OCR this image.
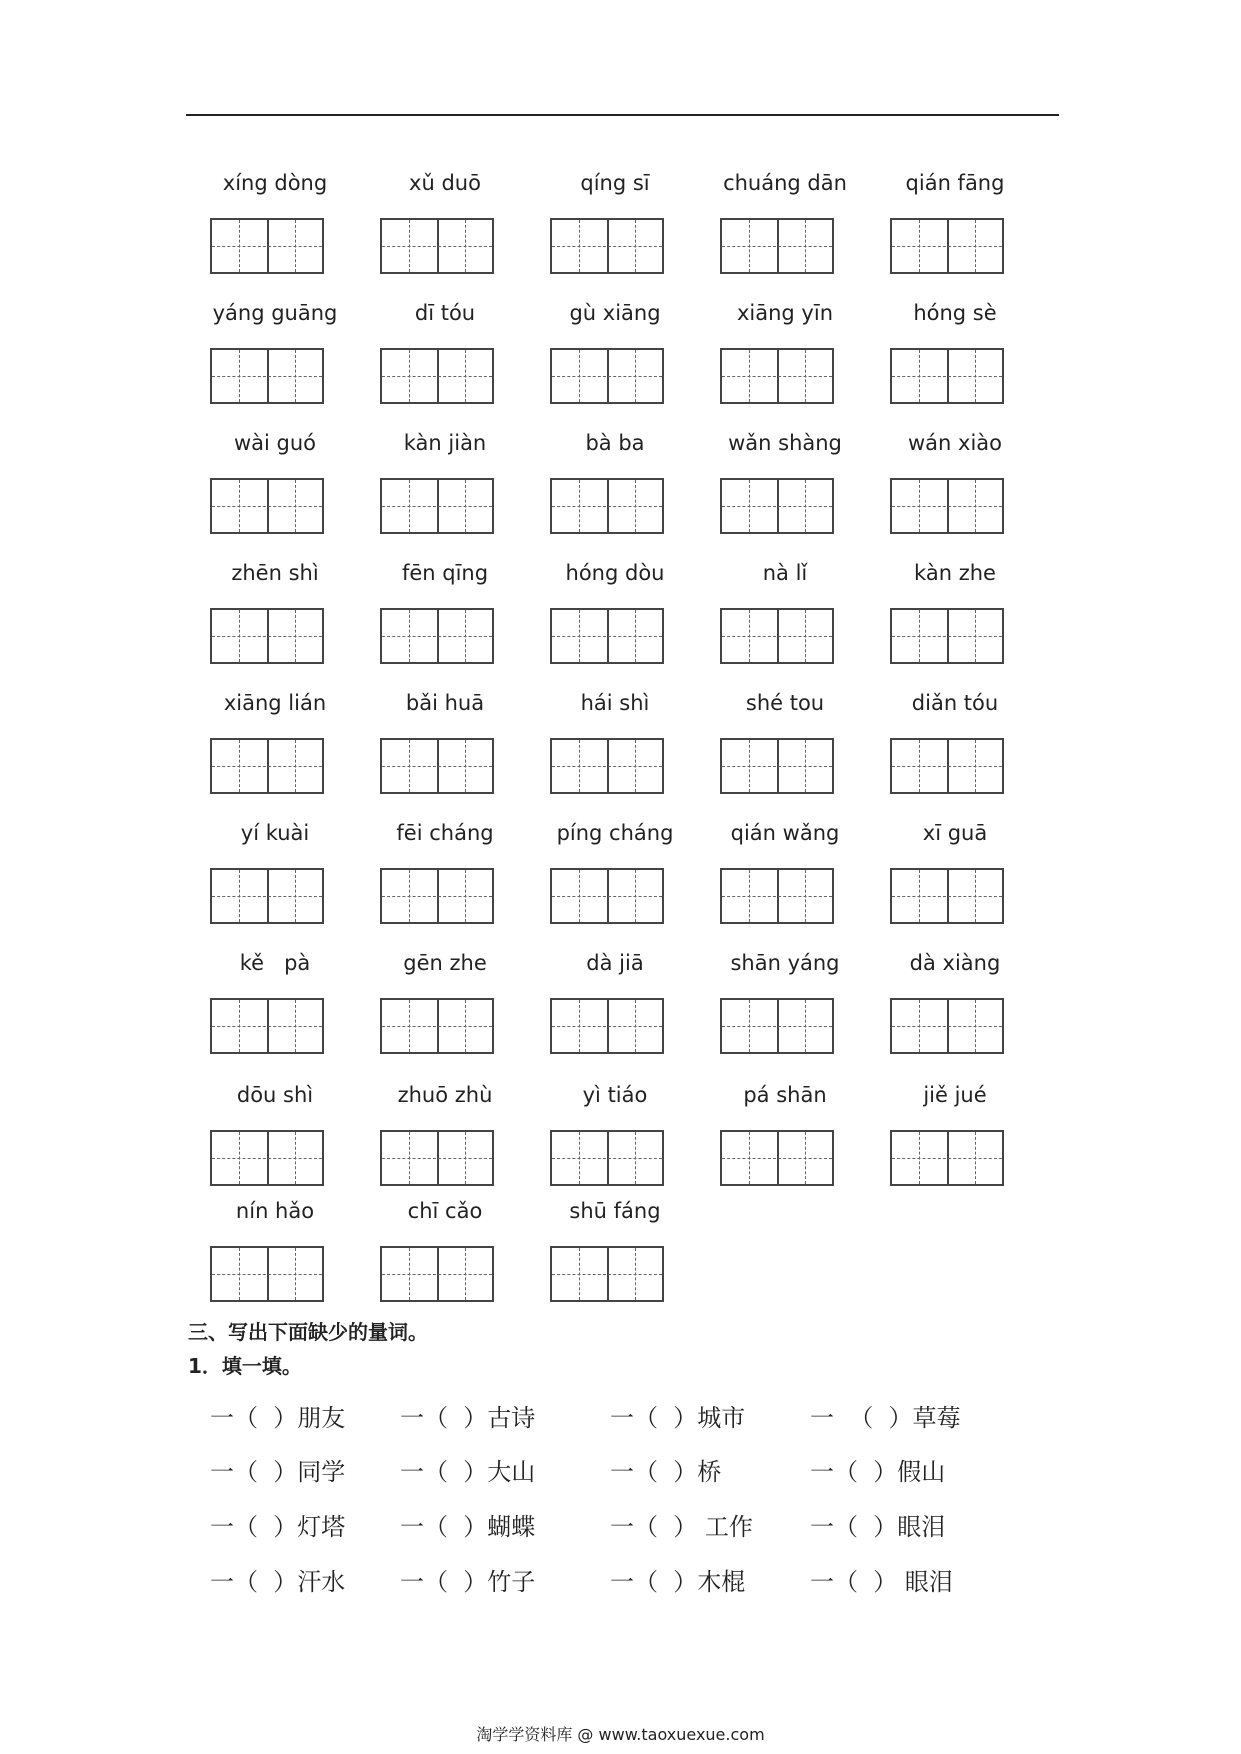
xíng dòng	xǔ duō	qíng sī	chuáng dān	qián fāng
yáng guāng	dī tóu	gù xiāng	xiāng yīn	hóng sè
wài guó	kàn jiàn	bà ba	wǎn shàng	wán xiào
zhēn shì	fēn qīng	hóng dòu	nà lǐ	kàn zhe
xiāng lián	bǎi huā	hái shì	shé tou	diǎn tóu
yí kuài	fēi cháng	píng cháng	qián wǎng	xī guā
kě   pà	gēn zhe	dà jiā	shān yáng	dà xiàng
dōu shì	zhuō zhù	yì tiáo	pá shān	jiě jué
nín hǎo	chī cǎo	shū fáng
三、写出下面缺少的量词。
1．填一填。
一（  ）朋友 一（  ）古诗	一（  ）城市	一  （  ）草莓
一（  ）同学 一（  ）大山	一（  ）桥	一（  ）假山
一（  ）灯塔 一（  ）蝴蝶	一（  ） 工作 一（  ）眼泪
一（  ）汗水 一（  ）竹子	一（  ）木棍	一（  ） 眼泪
淘学学资料库 @ www.taoxuexue.com
